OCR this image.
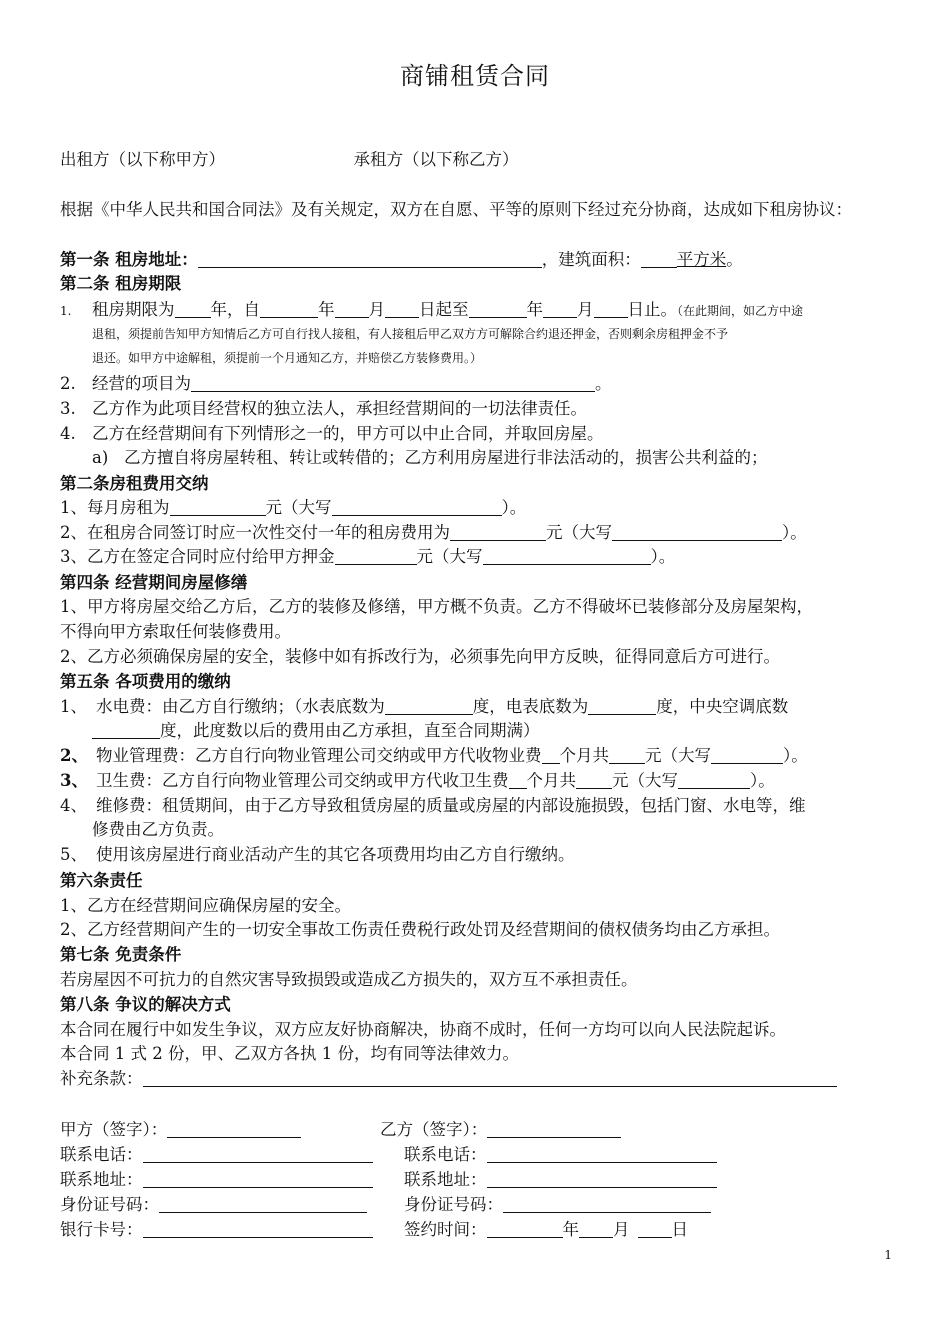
商铺租赁合同
出租方（以下称甲方）	承租方（以下称乙方）
根据《中华人民共和国合同法》及有关规定，双方在自愿、平等的原则下经过充分协商，达成如下租房协议：
第一条 租房地址：	，建筑面积： 平方米。
第二条 租房期限
1. 租房期限为 年，自	年 月 日起至	年 月 日止。（在此期间，如乙方中途
退租，须提前告知甲方知情后乙方可自行找人接租，有人接租后甲乙双方方可解除合约退还押金，否则剩余房租押金不予
退还。如甲方中途解租，须提前一个月通知乙方，并赔偿乙方装修费用。）
2. 经营的项目为	。
3. 乙方作为此项目经营权的独立法人，承担经营期间的一切法律责任。
4. 乙方在经营期间有下列情形之一的，甲方可以中止合同，并取回房屋。
a) 乙方擅自将房屋转租、转让或转借的；乙方利用房屋进行非法活动的，损害公共利益的；
第二条房租费用交纳
1、每月房租为	元（大写	）。
2、在租房合同签订时应一次性交付一年的租房费用为	元（大写	）。
3、乙方在签定合同时应付给甲方押金	元（大写	）。
第四条 经营期间房屋修缮
1、甲方将房屋交给乙方后，乙方的装修及修缮，甲方概不负责。乙方不得破坏已装修部分及房屋架构，
不得向甲方索取任何装修费用。
2、乙方必须确保房屋的安全，装修中如有拆改行为，必须事先向甲方反映，征得同意后方可进行。
第五条 各项费用的缴纳
1、 水电费：由乙方自行缴纳；（水表底数为	度，电表底数为	度，中央空调底数
度，此度数以后的费用由乙方承担，直至合同期满）
2、 物业管理费：乙方自行向物业管理公司交纳或甲方代收物业费 个月共 元（大写	）。
3、 卫生费：乙方自行向物业管理公司交纳或甲方代收卫生费 个月共 元（大写	）。
4、 维修费：租赁期间，由于乙方导致租赁房屋的质量或房屋的内部设施损毁，包括门窗、水电等，维
修费由乙方负责。
5、 使用该房屋进行商业活动产生的其它各项费用均由乙方自行缴纳。
第六条责任
1、乙方在经营期间应确保房屋的安全。
2、乙方经营期间产生的一切安全事故工伤责任费税行政处罚及经营期间的债权债务均由乙方承担。
第七条 免责条件
若房屋因不可抗力的自然灾害导致损毁或造成乙方损失的，双方互不承担责任。
第八条 争议的解决方式
本合同在履行中如发生争议，双方应友好协商解决，协商不成时，任何一方均可以向人民法院起诉。
本合同 1 式 2 份，甲、乙双方各执 1 份，均有同等法律效力。
补充条款：
甲方（签字）：	乙方（签字）：
联系电话：	联系电话：
联系地址：	联系地址：
身份证号码：	身份证号码：
银行卡号：	签约时间：	年 月	日
1
